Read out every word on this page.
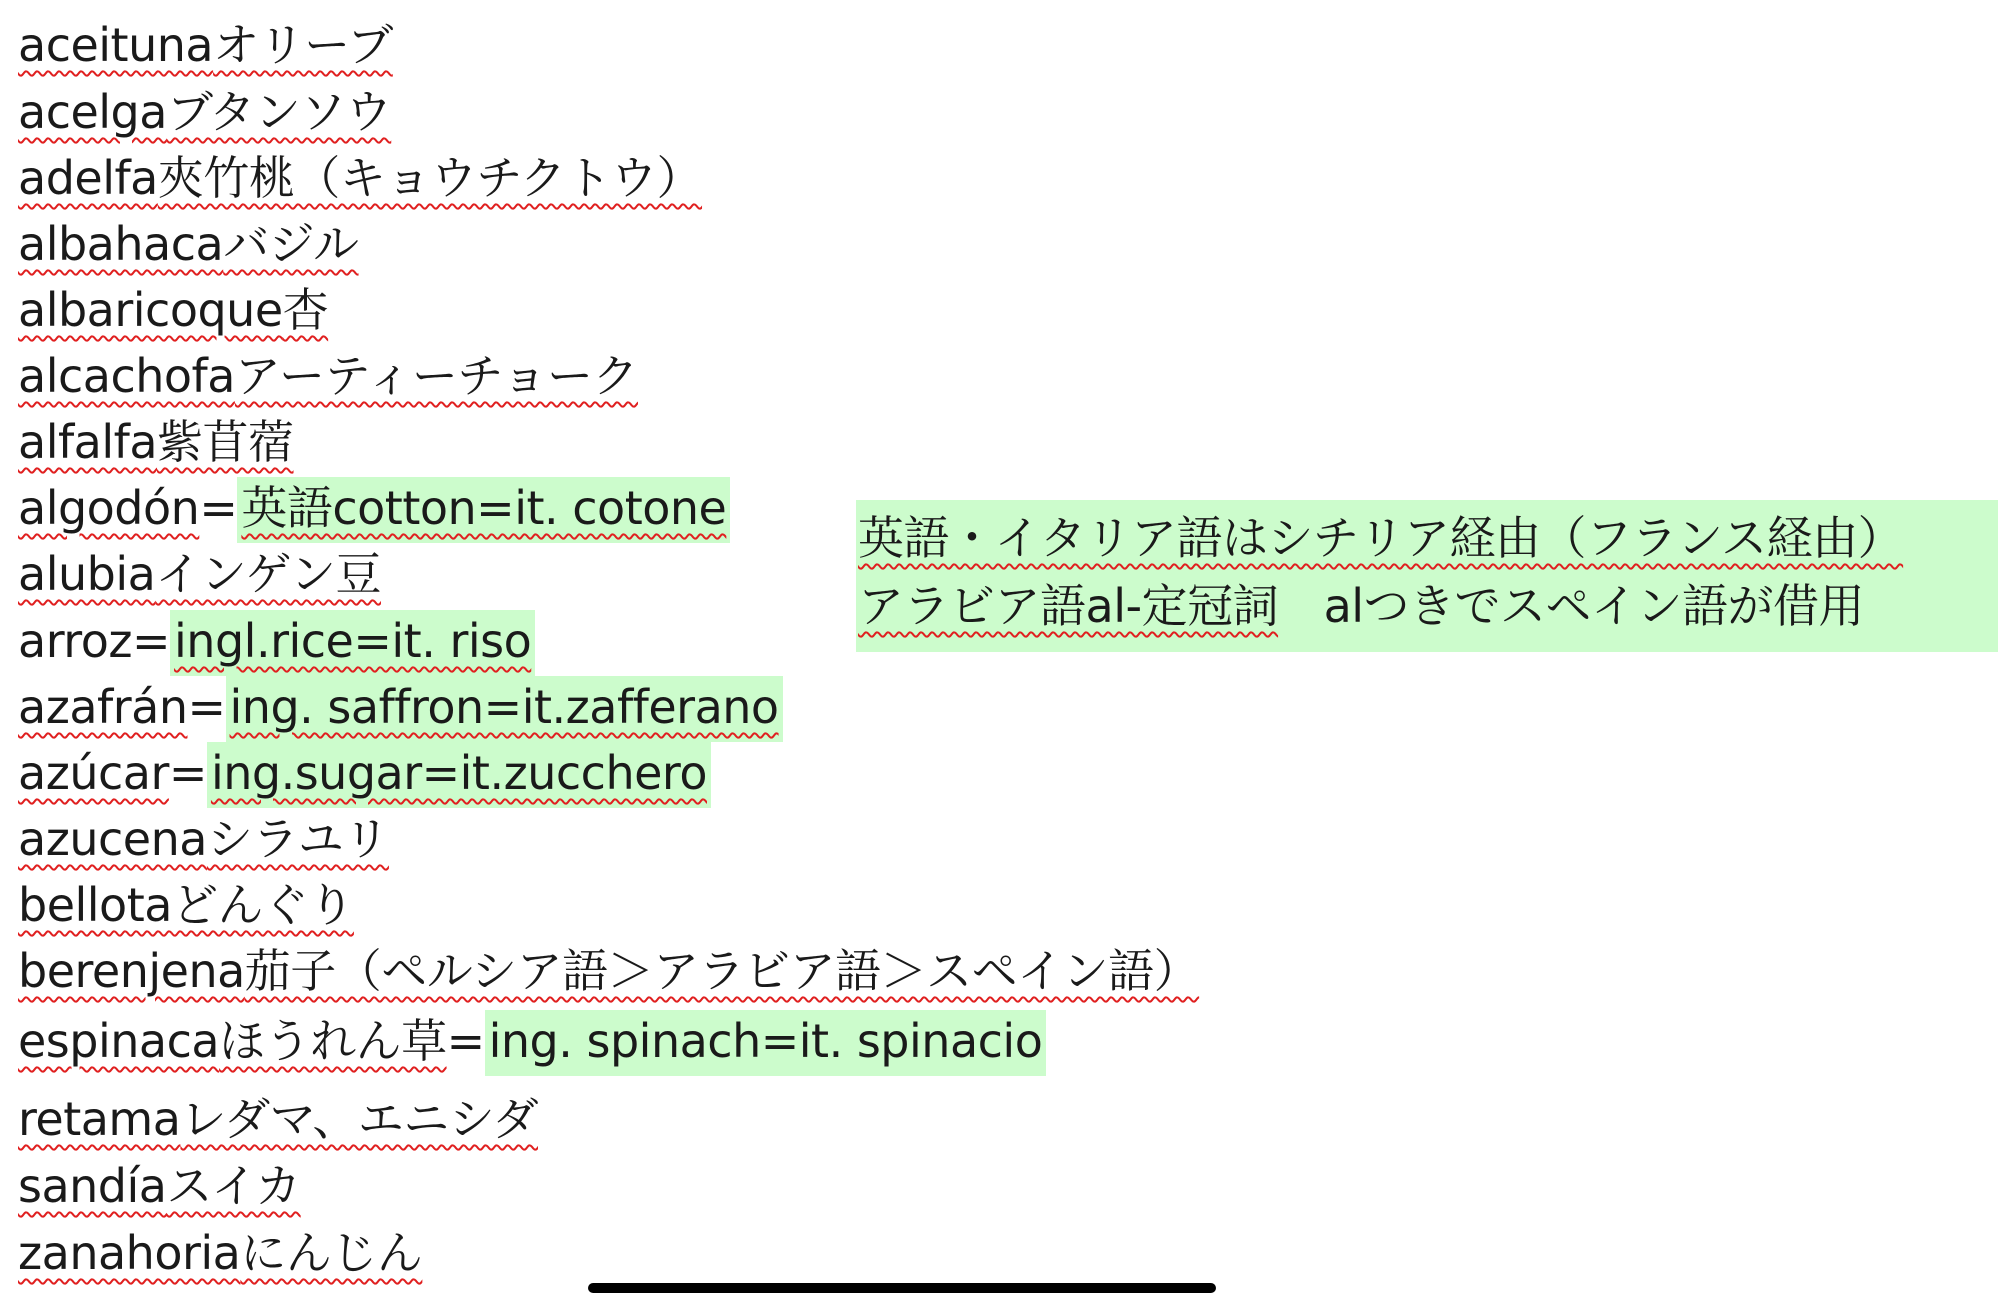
aceitunaオリーブ
acelgaブタンソウ
adelfa夾竹桃（キョウチクトウ）
albahacaバジル
albaricoque杏
alcachofaアーティーチョーク
alfalfa紫苜蓿
algodón=英語cotton=it. cotone
alubiaインゲン豆
arroz=ingl.rice=it. riso
azafrán=ing. saffron=it.zafferano
azúcar=ing.sugar=it.zucchero
azucenaシラユリ
bellotaどんぐり
berenjena茄子（ペルシア語＞アラビア語＞スペイン語）
espinacaほうれん草=ing. spinach=it. spinacio
retamaレダマ、エニシダ
sandíaスイカ
zanahoriaにんじん
英語・イタリア語はシチリア経由（フランス経由）
アラビア語al-定冠詞　alつきでスペイン語が借用
